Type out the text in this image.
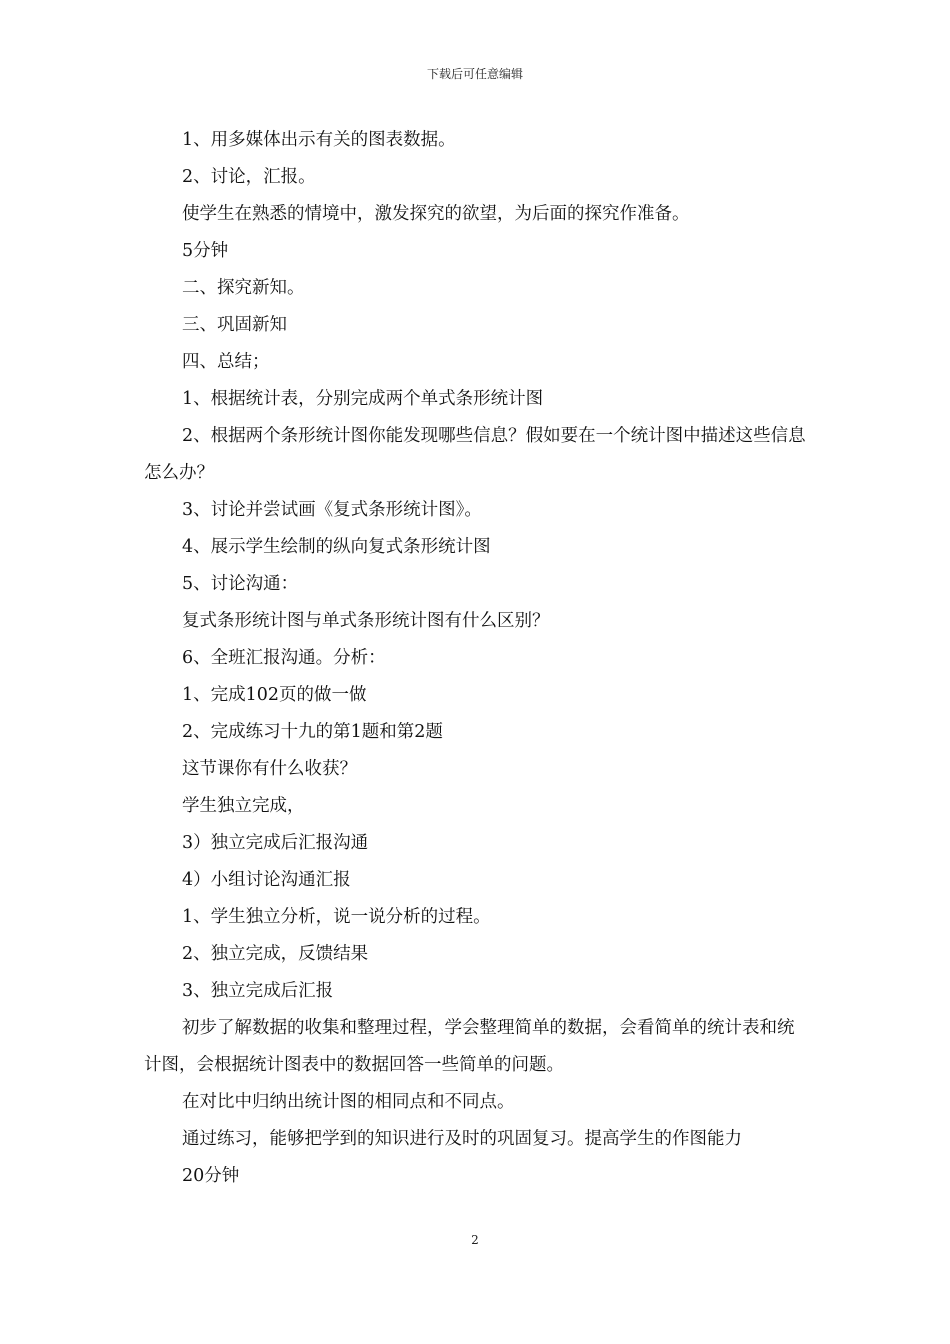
下载后可任意编辑

1、用多媒体出示有关的图表数据。

2、讨论，汇报。

使学生在熟悉的情境中，激发探究的欲望，为后面的探究作准备。

5分钟

二、探究新知。

三、巩固新知

四、总结；

1、根据统计表，分别完成两个单式条形统计图

2、根据两个条形统计图你能发现哪些信息？假如要在一个统计图中描述这些信息怎么办？

3、讨论并尝试画《复式条形统计图》。

4、展示学生绘制的纵向复式条形统计图

5、讨论沟通：

复式条形统计图与单式条形统计图有什么区别？

6、全班汇报沟通。分析：

1、完成102页的做一做

2、完成练习十九的第1题和第2题

这节课你有什么收获？

学生独立完成，

3）独立完成后汇报沟通

4）小组讨论沟通汇报

1、学生独立分析，说一说分析的过程。

2、独立完成，反馈结果

3、独立完成后汇报

初步了解数据的收集和整理过程，学会整理简单的数据，会看简单的统计表和统计图，会根据统计图表中的数据回答一些简单的问题。

在对比中归纳出统计图的相同点和不同点。

通过练习，能够把学到的知识进行及时的巩固复习。提高学生的作图能力

20分钟

2
